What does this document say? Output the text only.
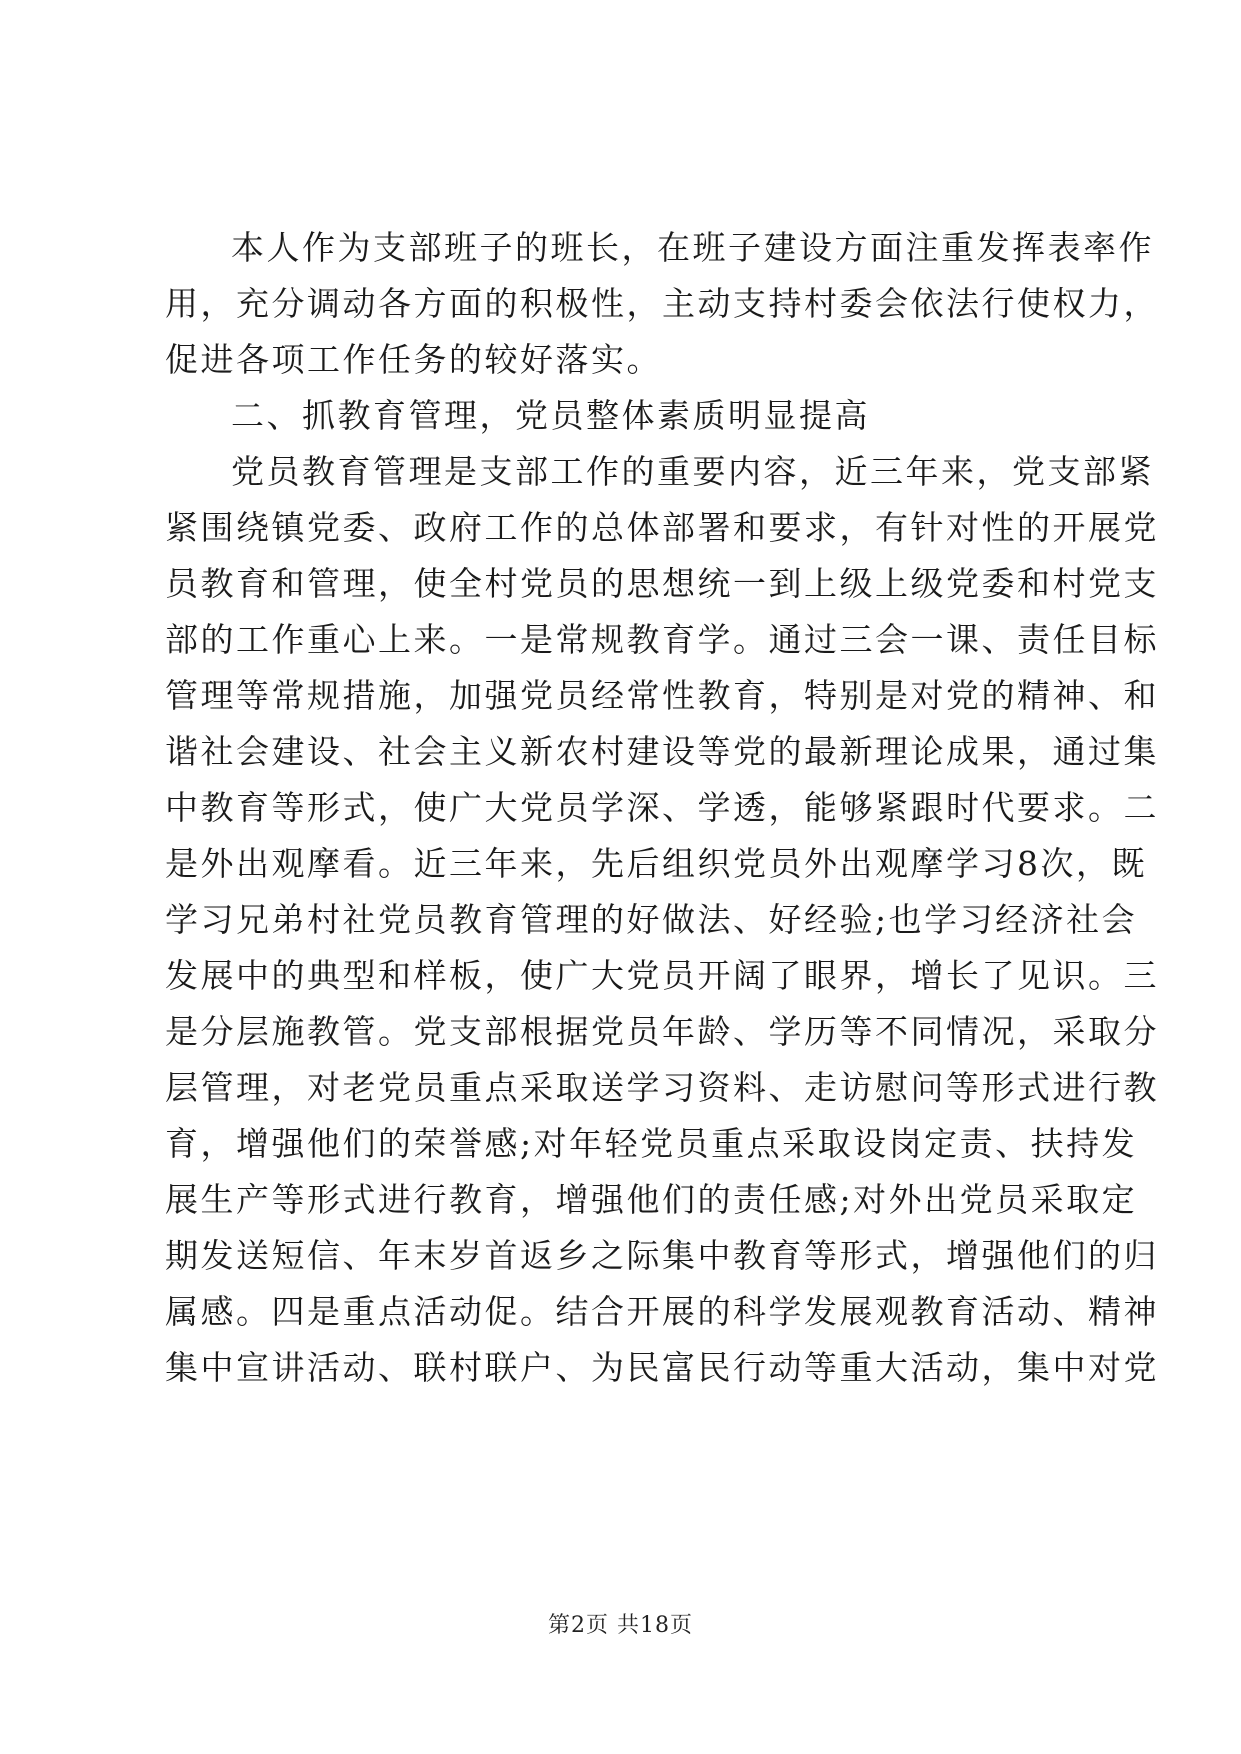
本人作为支部班子的班长，在班子建设方面注重发挥表率作
用，充分调动各方面的积极性，主动支持村委会依法行使权力，
促进各项工作任务的较好落实。
二、抓教育管理，党员整体素质明显提高
党员教育管理是支部工作的重要内容，近三年来，党支部紧
紧围绕镇党委、政府工作的总体部署和要求，有针对性的开展党
员教育和管理，使全村党员的思想统一到上级上级党委和村党支
部的工作重心上来。一是常规教育学。通过三会一课、责任目标
管理等常规措施，加强党员经常性教育，特别是对党的精神、和
谐社会建设、社会主义新农村建设等党的最新理论成果，通过集
中教育等形式，使广大党员学深、学透，能够紧跟时代要求。二
是外出观摩看。近三年来，先后组织党员外出观摩学习8次，既
学习兄弟村社党员教育管理的好做法、好经验;也学习经济社会
发展中的典型和样板，使广大党员开阔了眼界，增长了见识。三
是分层施教管。党支部根据党员年龄、学历等不同情况，采取分
层管理，对老党员重点采取送学习资料、走访慰问等形式进行教
育，增强他们的荣誉感;对年轻党员重点采取设岗定责、扶持发
展生产等形式进行教育，增强他们的责任感;对外出党员采取定
期发送短信、年末岁首返乡之际集中教育等形式，增强他们的归
属感。四是重点活动促。结合开展的科学发展观教育活动、精神
集中宣讲活动、联村联户、为民富民行动等重大活动，集中对党
第2页 共18页
